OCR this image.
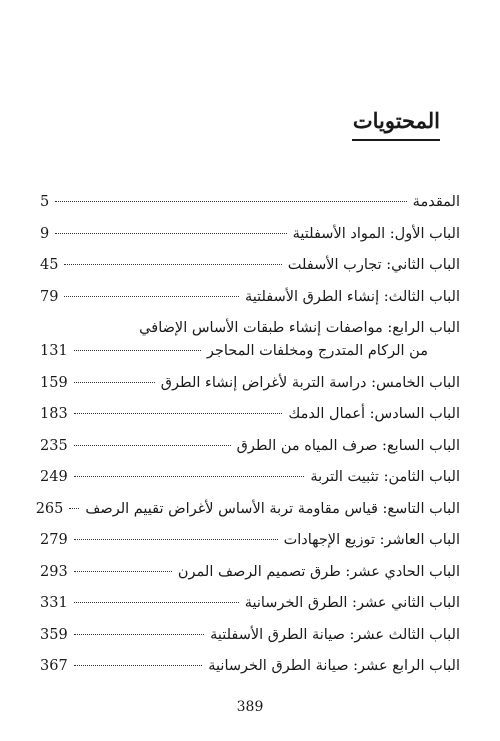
المحتويات
المقدمة
5
الباب الأول: المواد الأسفلتية
9
الباب الثاني: تجارب الأسفلت
45
الباب الثالث: إنشاء الطرق الأسفلتية
79
الباب الرابع: مواصفات إنشاء طبقات الأساس الإضافي
من الركام المتدرج ومخلفات المحاجر
131
الباب الخامس: دراسة التربة لأغراض إنشاء الطرق
159
الباب السادس: أعمال الدمك
183
الباب السابع: صرف المياه من الطرق
235
الباب الثامن: تثبيت التربة
249
الباب التاسع: قياس مقاومة تربة الأساس لأغراض تقييم الرصف
265
الباب العاشر: توزيع الإجهادات
279
الباب الحادي عشر: طرق تصميم الرصف المرن
293
الباب الثاني عشر: الطرق الخرسانية
331
الباب الثالث عشر: صيانة الطرق الأسفلتية
359
الباب الرابع عشر: صيانة الطرق الخرسانية
367
389
